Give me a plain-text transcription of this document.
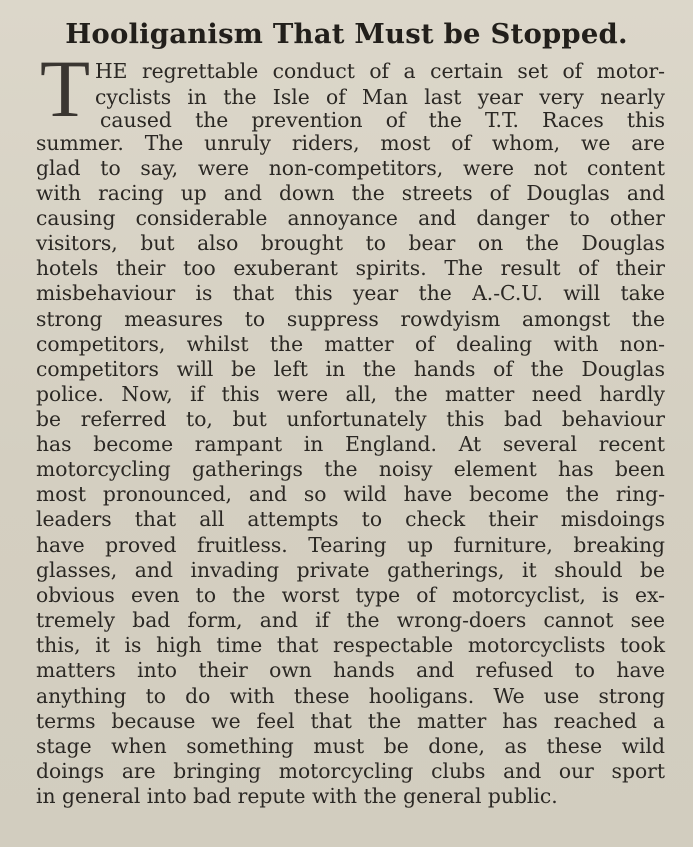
Hooliganism That Must be Stopped.
T HE regrettable conduct of a certain set of motor-
cyclists in the Isle of Man last year very nearly
caused the prevention of the T.T. Races this
summer. The unruly riders, most of whom, we are
glad to say, were non-competitors, were not content
with racing up and down the streets of Douglas and
causing considerable annoyance and danger to other
visitors, but also brought to bear on the Douglas
hotels their too exuberant spirits. The result of their
misbehaviour is that this year the A.-C.U. will take
strong measures to suppress rowdyism amongst the
competitors, whilst the matter of dealing with non-
competitors will be left in the hands of the Douglas
police. Now, if this were all, the matter need hardly
be referred to, but unfortunately this bad behaviour
has become rampant in England. At several recent
motorcycling gatherings the noisy element has been
most pronounced, and so wild have become the ring-
leaders that all attempts to check their misdoings
have proved fruitless. Tearing up furniture, breaking
glasses, and invading private gatherings, it should be
obvious even to the worst type of motorcyclist, is ex-
tremely bad form, and if the wrong-doers cannot see
this, it is high time that respectable motorcyclists took
matters into their own hands and refused to have
anything to do with these hooligans. We use strong
terms because we feel that the matter has reached a
stage when something must be done, as these wild
doings are bringing motorcycling clubs and our sport
in general into bad repute with the general public.
